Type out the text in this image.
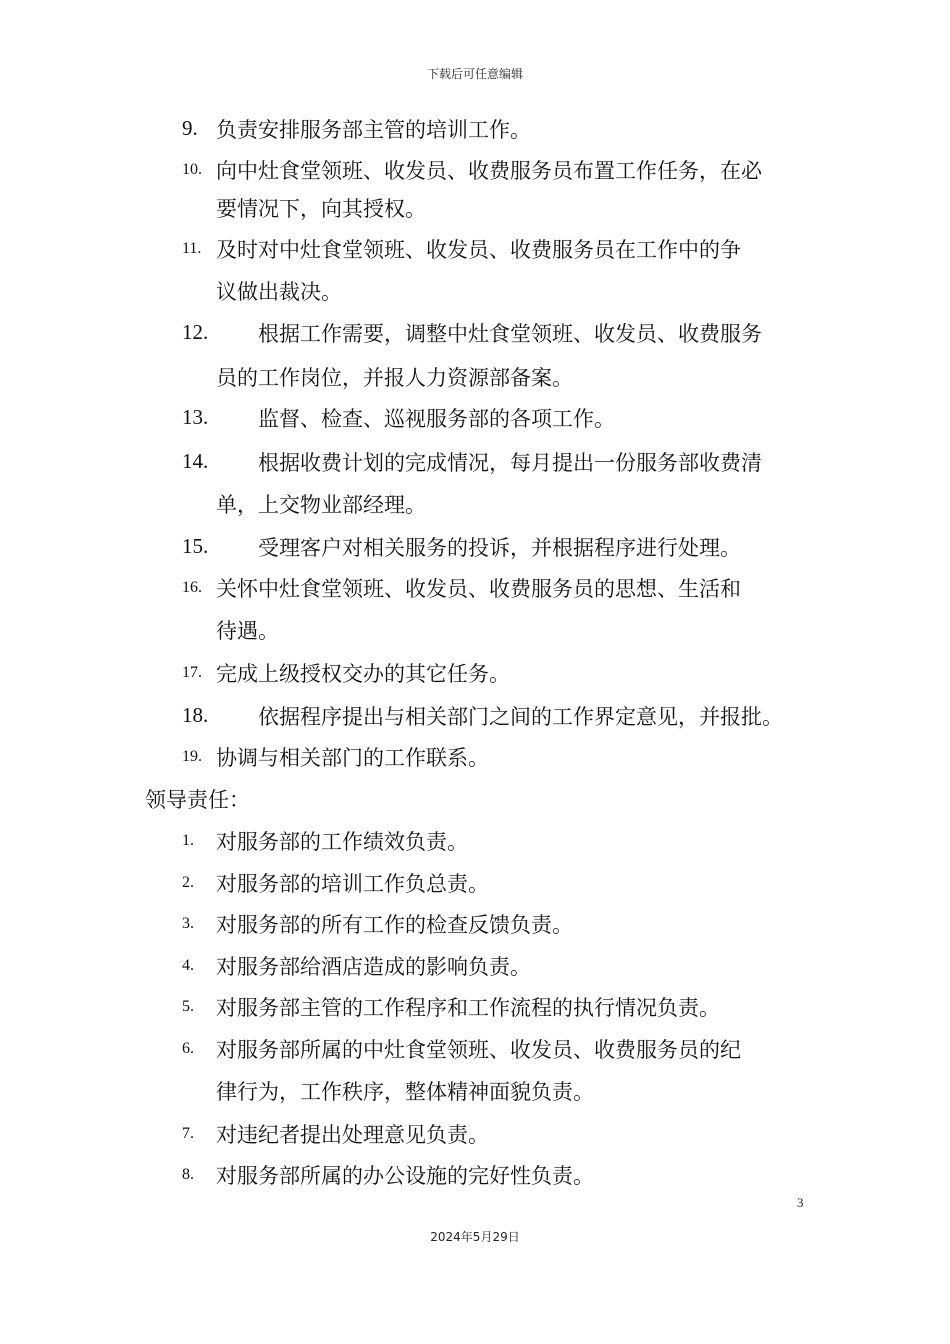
下载后可任意编辑
领导责任：
9. 负责安排服务部主管的培训工作。
10. 向中灶食堂领班、收发员、收费服务员布置工作任务，在必
要情况下，向其授权。
11. 及时对中灶食堂领班、收发员、收费服务员在工作中的争
议做出裁决。
12. 根据工作需要，调整中灶食堂领班、收发员、收费服务
员的工作岗位，并报人力资源部备案。
13. 监督、检查、巡视服务部的各项工作。
14. 根据收费计划的完成情况，每月提出一份服务部收费清
单，上交物业部经理。
15. 受理客户对相关服务的投诉，并根据程序进行处理。
16. 关怀中灶食堂领班、收发员、收费服务员的思想、生活和
待遇。
17. 完成上级授权交办的其它任务。
18. 依据程序提出与相关部门之间的工作界定意见，并报批。
19. 协调与相关部门的工作联系。
1. 对服务部的工作绩效负责。
2. 对服务部的培训工作负总责。
3. 对服务部的所有工作的检查反馈负责。
4. 对服务部给酒店造成的影响负责。
5. 对服务部主管的工作程序和工作流程的执行情况负责。
6. 对服务部所属的中灶食堂领班、收发员、收费服务员的纪
律行为，工作秩序，整体精神面貌负责。
7. 对违纪者提出处理意见负责。
8. 对服务部所属的办公设施的完好性负责。
3
2024年5月29日
